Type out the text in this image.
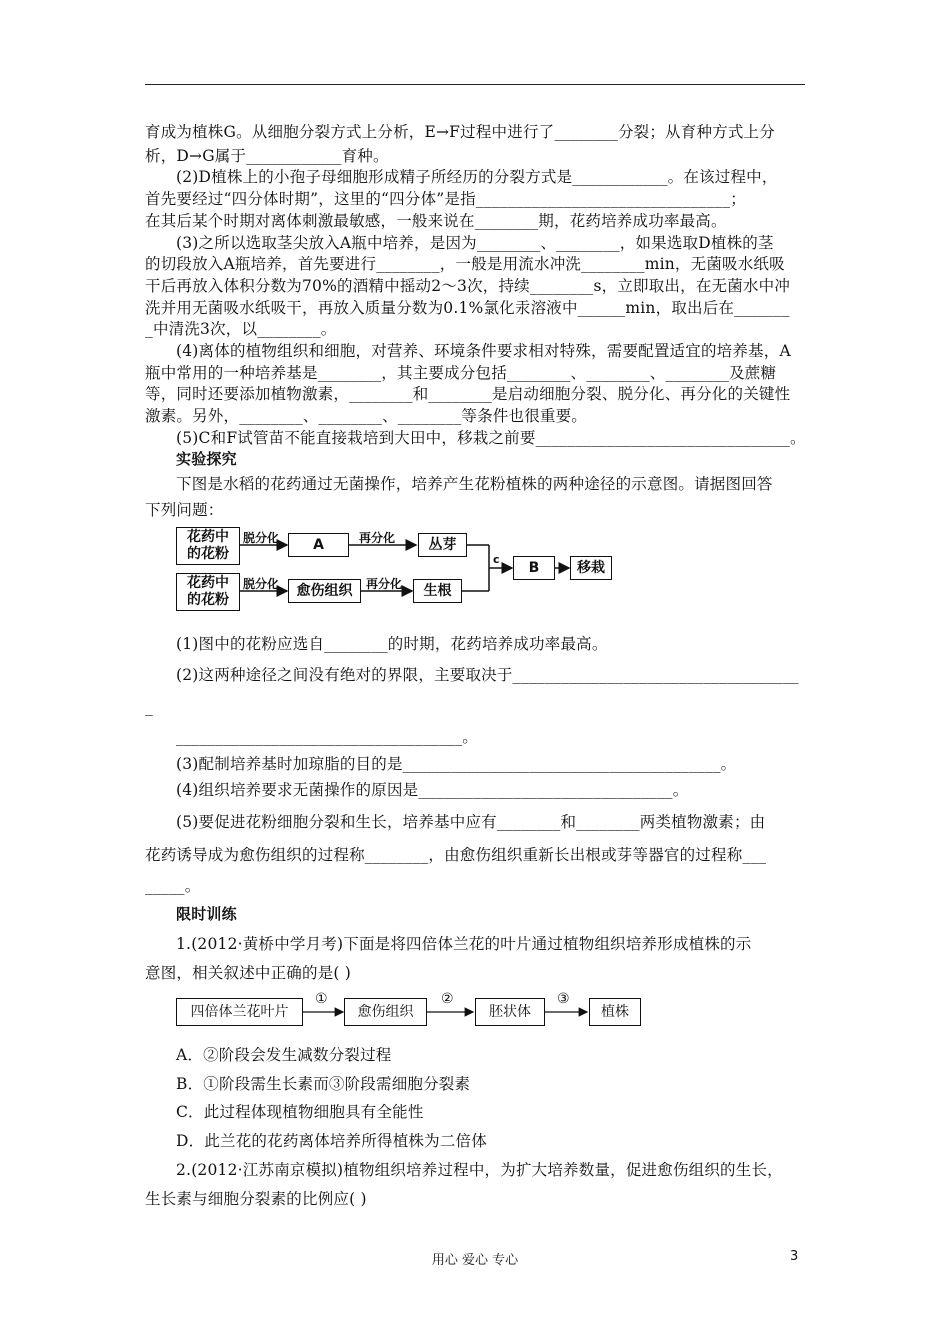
育成为植株G。从细胞分裂方式上分析，E→F过程中进行了________分裂；从育种方式上分
析，D→G属于____________育种。
(2)D植株上的小孢子母细胞形成精子所经历的分裂方式是____________。在该过程中，
首先要经过“四分体时期”，这里的“四分体”是指________________________________；
在其后某个时期对离体刺激最敏感，一般来说在________期，花药培养成功率最高。
(3)之所以选取茎尖放入A瓶中培养，是因为________、________，如果选取D植株的茎
的切段放入A瓶培养，首先要进行________，一般是用流水冲洗________min，无菌吸水纸吸
干后再放入体积分数为70%的酒精中摇动2～3次，持续________s，立即取出，在无菌水中冲
洗并用无菌吸水纸吸干，再放入质量分数为0.1%氯化汞溶液中______min，取出后在_______
_中清洗3次，以________。
(4)离体的植物组织和细胞，对营养、环境条件要求相对特殊，需要配置适宜的培养基，A
瓶中常用的一种培养基是________，其主要成分包括________、________、________及蔗糖
等，同时还要添加植物激素，________和________是启动细胞分裂、脱分化、再分化的关键性
激素。另外，________、________、________等条件也很重要。
(5)C和F试管苗不能直接栽培到大田中，移栽之前要________________________________。
实验探究
下图是水稻的花药通过无菌操作，培养产生花粉植株的两种途径的示意图。请据图回答
下列问题：
花药中
的花粉
A	丛芽
花药中
的花粉
愈伤组织	生根
B	移栽
脱分化	再分化
脱分化	再分化
c
(1)图中的花粉应选自________的时期，花药培养成功率最高。
(2)这两种途径之间没有绝对的界限，主要取决于____________________________________
_
____________________________________。
(3)配制培养基时加琼脂的目的是________________________________________。
(4)组织培养要求无菌操作的原因是________________________________。
(5)要促进花粉细胞分裂和生长，培养基中应有________和________两类植物激素；由
花药诱导成为愈伤组织的过程称________，由愈伤组织重新长出根或芽等器官的过程称___
_____。
限时训练
1.(2012·黄桥中学月考)下面是将四倍体兰花的叶片通过植物组织培养形成植株的示
意图，相关叙述中正确的是( )
四倍体兰花叶片	愈伤组织	胚状体	植株
①	②	③
A．②阶段会发生减数分裂过程
B．①阶段需生长素而③阶段需细胞分裂素
C．此过程体现植物细胞具有全能性
D．此兰花的花药离体培养所得植株为二倍体
2.(2012·江苏南京模拟)植物组织培养过程中，为扩大培养数量，促进愈伤组织的生长，
生长素与细胞分裂素的比例应( )
用心 爱心 专心	3
